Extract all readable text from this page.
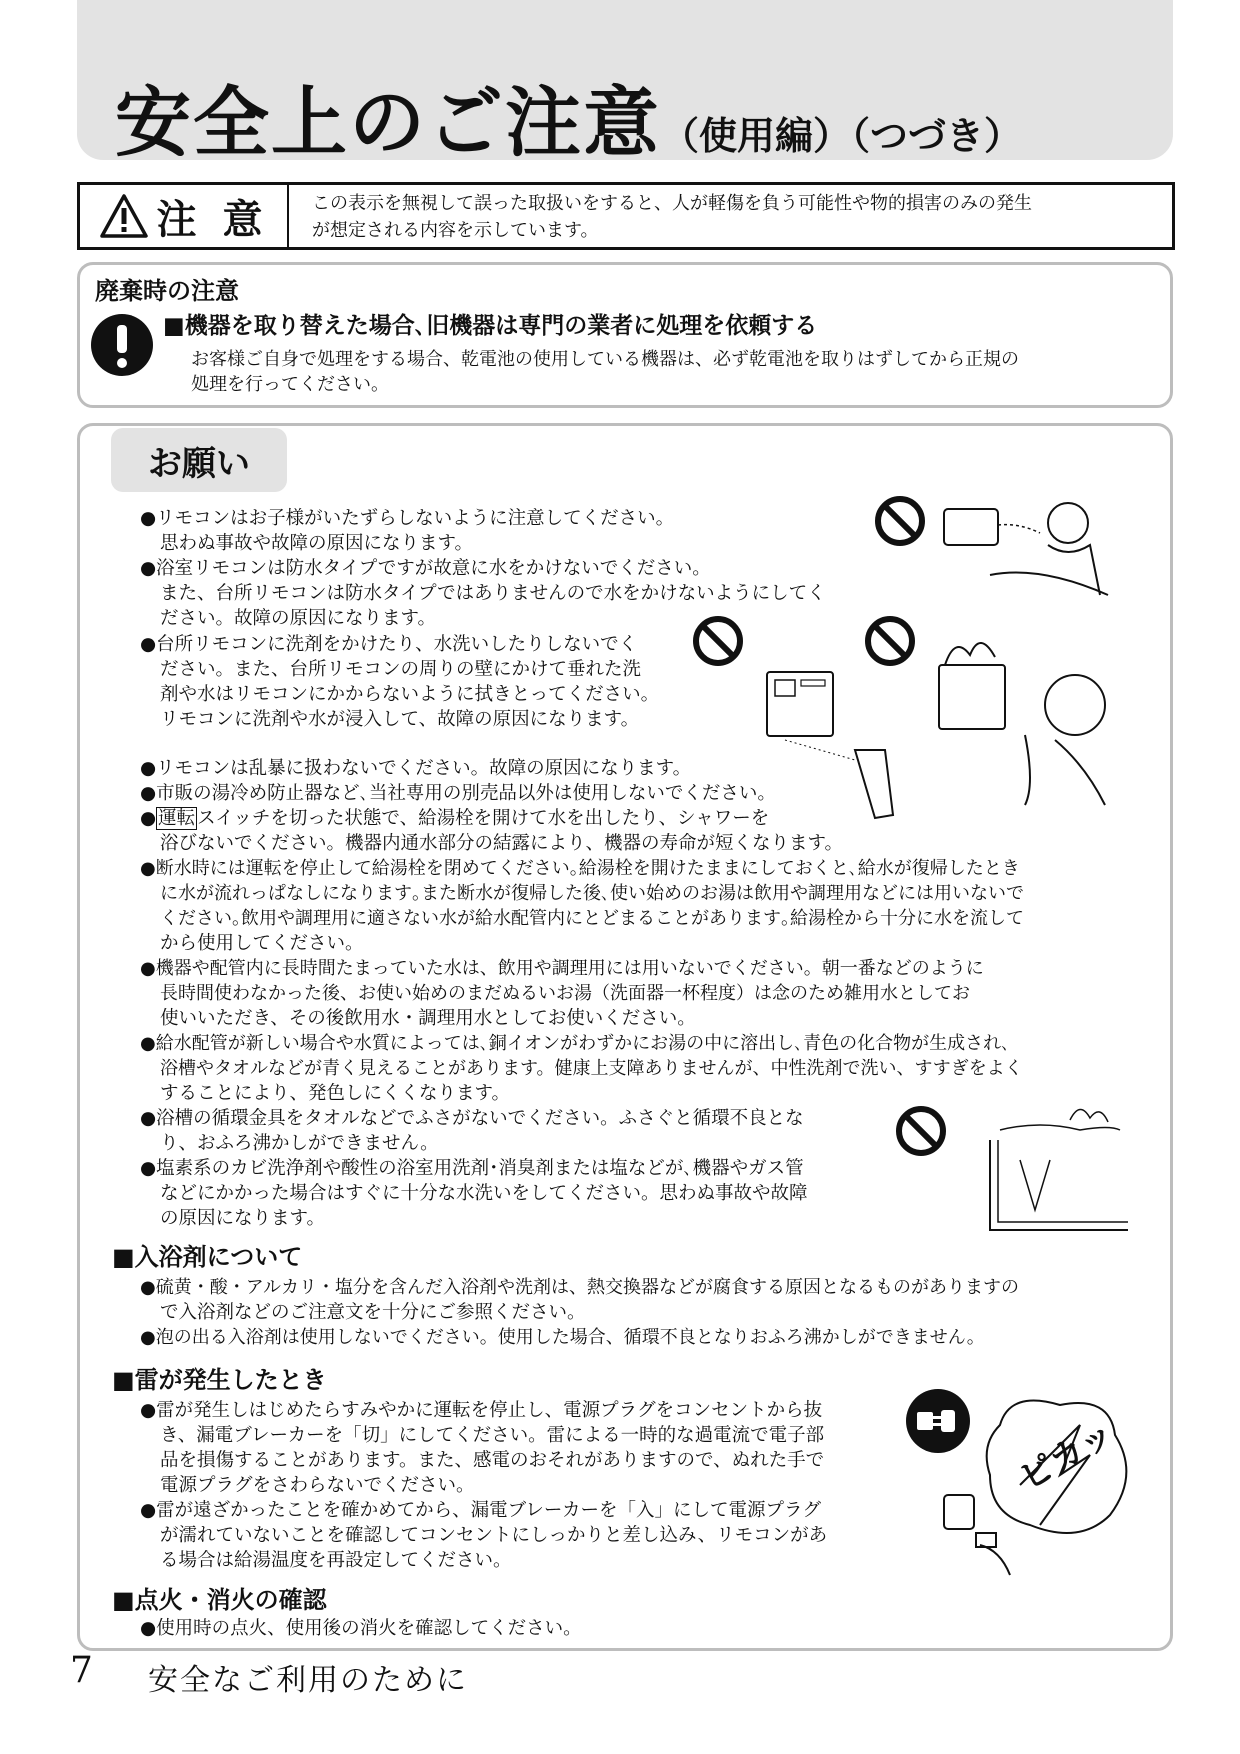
安全上のご注意（使用編）（つづき）
注 意 この表示を無視して誤った取扱いをすると、人が軽傷を負う可能性や物的損害のみの発生
が想定される内容を示しています。
廃棄時の注意
■機器を取り替えた場合､旧機器は専門の業者に処理を依頼する
お客様ご自身で処理をする場合、乾電池の使用している機器は、必ず乾電池を取りはずしてから正規の
処理を行ってください。
お願い
●リモコンはお子様がいたずらしないように注意してください。
思わぬ事故や故障の原因になります。
●浴室リモコンは防水タイプですが故意に水をかけないでください。
また、台所リモコンは防水タイプではありませんので水をかけないようにしてく
ださい。故障の原因になります。
●台所リモコンに洗剤をかけたり、水洗いしたりしないでく
ださい。また、台所リモコンの周りの壁にかけて垂れた洗
剤や水はリモコンにかからないように拭きとってください。
リモコンに洗剤や水が浸入して、故障の原因になります。
●リモコンは乱暴に扱わないでください。故障の原因になります。
●市販の湯冷め防止器など､当社専用の別売品以外は使用しないでください。
● 運転 スイッチを切った状態で、給湯栓を開けて水を出したり、シャワーを
浴びないでください。機器内通水部分の結露により、機器の寿命が短くなります。
●断水時には運転を停止して給湯栓を閉めてください｡給湯栓を開けたままにしておくと､給水が復帰したとき
に水が流れっぱなしになります｡また断水が復帰した後､使い始めのお湯は飲用や調理用などには用いないで
ください｡飲用や調理用に適さない水が給水配管内にとどまることがあります｡給湯栓から十分に水を流して
から使用してください。
●機器や配管内に長時間たまっていた水は、飲用や調理用には用いないでください。朝一番などのように
長時間使わなかった後、お使い始めのまだぬるいお湯（洗面器一杯程度）は念のため雑用水としてお
使いいただき、その後飲用水・調理用水としてお使いください。
●給水配管が新しい場合や水質によっては､銅イオンがわずかにお湯の中に溶出し､青色の化合物が生成され､
浴槽やタオルなどが青く見えることがあります。健康上支障ありませんが、中性洗剤で洗い、すすぎをよく
することにより、発色しにくくなります。
●浴槽の循環金具をタオルなどでふさがないでください。ふさぐと循環不良とな
り、おふろ沸かしができません。
●塩素系のカビ洗浄剤や酸性の浴室用洗剤･消臭剤または塩などが､機器やガス管
などにかかった場合はすぐに十分な水洗いをしてください。思わぬ事故や故障
の原因になります。
■入浴剤について
●硫黄・酸・アルカリ・塩分を含んだ入浴剤や洗剤は、熱交換器などが腐食する原因となるものがありますの
で入浴剤などのご注意文を十分にご参照ください。
●泡の出る入浴剤は使用しないでください。使用した場合、循環不良となりおふろ沸かしができません。
■雷が発生したとき
●雷が発生しはじめたらすみやかに運転を停止し、電源プラグをコンセントから抜
き、漏電ブレーカーを「切」にしてください。雷による一時的な過電流で電子部
品を損傷することがあります。また、感電のおそれがありますので、ぬれた手で
電源プラグをさわらないでください。
●雷が遠ざかったことを確かめてから、漏電ブレーカーを「入」にして電源プラグ
が濡れていないことを確認してコンセントにしっかりと差し込み、リモコンがあ
る場合は給湯温度を再設定してください。
ピカッ
■点火・消火の確認
●使用時の点火、使用後の消火を確認してください。
7 安全なご利用のために
